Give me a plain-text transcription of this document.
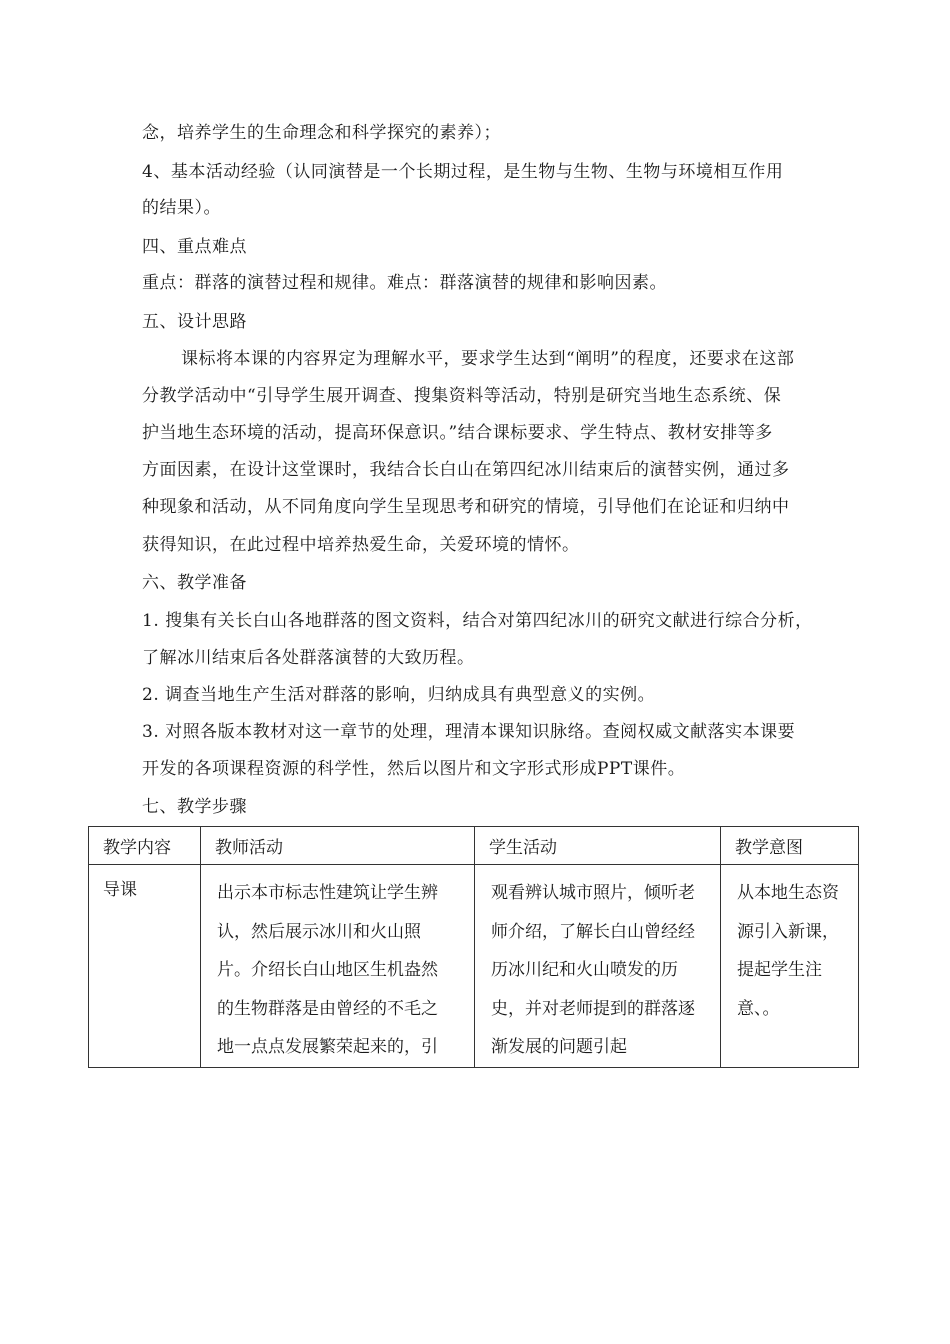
念，培养学生的生命理念和科学探究的素养）；
4、基本活动经验（认同演替是一个长期过程，是生物与生物、生物与环境相互作用
的结果）。
四、重点难点
重点：群落的演替过程和规律。难点：群落演替的规律和影响因素。
五、设计思路
课标将本课的内容界定为理解水平，要求学生达到“阐明”的程度，还要求在这部
分教学活动中“引导学生展开调查、搜集资料等活动，特别是研究当地生态系统、保
护当地生态环境的活动，提高环保意识。”结合课标要求、学生特点、教材安排等多
方面因素，在设计这堂课时，我结合长白山在第四纪冰川结束后的演替实例，通过多
种现象和活动，从不同角度向学生呈现思考和研究的情境，引导他们在论证和归纳中
获得知识，在此过程中培养热爱生命，关爱环境的情怀。
六、教学准备
1. 搜集有关长白山各地群落的图文资料，结合对第四纪冰川的研究文献进行综合分析，
了解冰川结束后各处群落演替的大致历程。
2. 调查当地生产生活对群落的影响，归纳成具有典型意义的实例。
3. 对照各版本教材对这一章节的处理，理清本课知识脉络。查阅权威文献落实本课要
开发的各项课程资源的科学性，然后以图片和文字形式形成PPT课件。
七、教学步骤
教学内容	教师活动	学生活动	教学意图
导课	出示本市标志性建筑让学生辨认，然后展示冰川和火山照片。介绍长白山地区生机盎然的生物群落是由曾经的不毛之地一点点发展繁荣起来的，引	观看辨认城市照片，倾听老师介绍，了解长白山曾经经历冰川纪和火山喷发的历史，并对老师提到的群落逐渐发展的问题引起	从本地生态资源引入新课，提起学生注意、。
